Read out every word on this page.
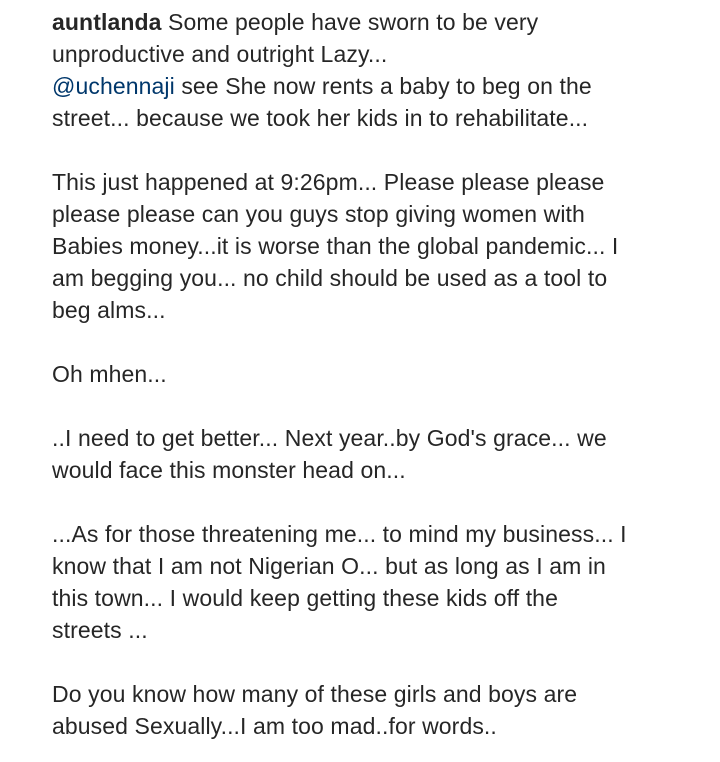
auntlanda Some people have sworn to be very
unproductive and outright Lazy...
@uchennaji see She now rents a baby to beg on the
street... because we took her kids in to rehabilitate...
This just happened at 9:26pm... Please please please
please please can you guys stop giving women with
Babies money...it is worse than the global pandemic... I
am begging you... no child should be used as a tool to
beg alms...
Oh mhen...
..I need to get better... Next year..by God's grace... we
would face this monster head on...
...As for those threatening me... to mind my business... I
know that I am not Nigerian O... but as long as I am in
this town... I would keep getting these kids off the
streets ...
Do you know how many of these girls and boys are
abused Sexually...I am too mad..for words..
